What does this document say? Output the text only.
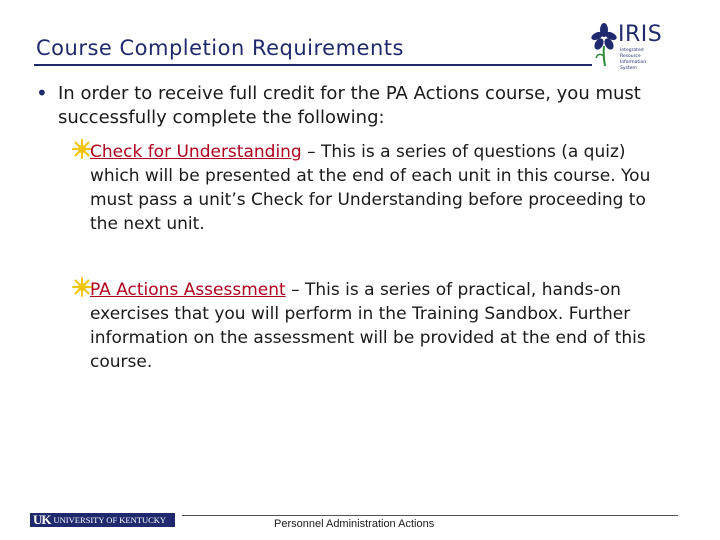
Course Completion Requirements
IRIS
Integrated Resource Information System
• In order to receive full credit for the PA Actions course, you must successfully complete the following:
Check for Understanding – This is a series of questions (a quiz) which will be presented at the end of each unit in this course. You must pass a unit’s Check for Understanding before proceeding to the next unit.
PA Actions Assessment – This is a series of practical, hands-on exercises that you will perform in the Training Sandbox. Further information on the assessment will be provided at the end of this course.
UK UNIVERSITY OF KENTUCKY	Personnel Administration Actions
